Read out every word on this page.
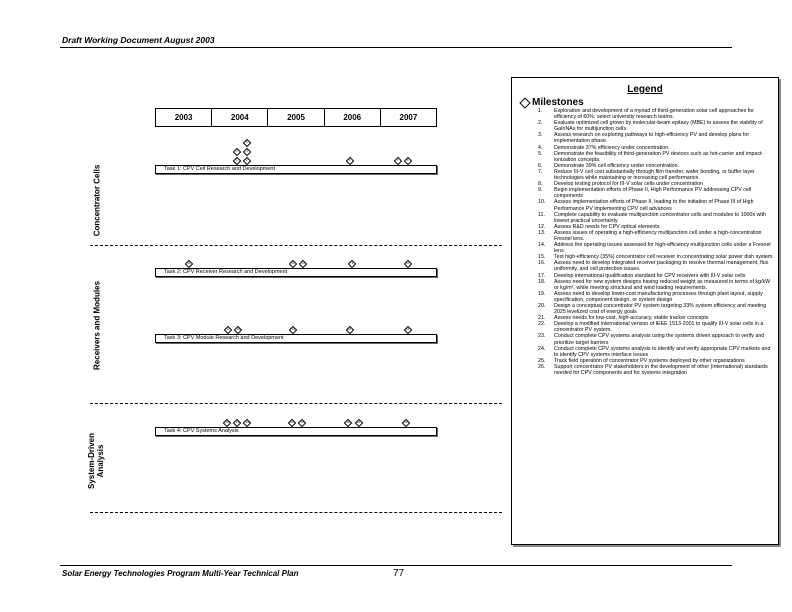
Draft Working Document August 2003
2003	2004	2005	2006	2007
Concentrator Cells
Receivers and Modules
System-Driven Analysis
Task 1: CPV Cell Research and Development
Task 2: CPV Receiver Research and Development
Task 3: CPV Module Research and Development
Task 4: CPV Systems Analysis
1	2
3	4
5
6	7	8
11	11	12	9	10
17	18	14	15	16
19	21	24	22	25	20	23	26
Legend
Milestones
1.	Exploration and development of a myriad of third-generation solar cell approaches for efficiency of 60%; select university research teams.
2.	Evaluate optimized cell grown by molecular-beam epitaxy (MBE) to assess the viability of GaInNAs for multijunction cells.
3.	Assess research on exploring pathways to high-efficiency PV and develop plans for implementation phase.
4.	Demonstrate 37% efficiency under concentration.
5.	Demonstrate the feasibility of third-generation PV devices such as hot-carrier and impact-ionization concepts.
6.	Demonstrate 39% cell efficiency under concentration.
7.	Reduce III-V cell cost substantially through film transfer, wafer bonding, or buffer layer technologies while maintaining or increasing cell performance.
8.	Develop testing protocol for III-V solar cells under concentration
9.	Begin implementation efforts of Phase II, High Performance PV addressing CPV cell components
10.	Assess implementation efforts of Phase II, leading to the initiation of Phase III of High Performance PV implementing CPV cell advances
11.	Complete capability to evaluate multijunction concentrator cells and modules to 1000x with lowest practical uncertainty
12.	Assess R&D needs for CPV optical elements
13.	Assess issues of operating a high-efficiency multijunction cell under a high-concentration Fresnel lens.
14.	Address the operating issues assessed for high-efficiency multijunction cells under a Fresnel lens
15.	Test high-efficiency (35%) concentrator cell receiver in concentrating solar power dish system.
16.	Assess need to develop integrated receiver packaging to resolve thermal management, flux uniformity, and cell protection issues.
17.	Develop international qualification standard for CPV receivers with III-V solar cells
18.	Assess need for new system designs having reduced weight as measured in terms of kg/kW or kg/m², while meeting structural and wind loading requirements.
19.	Assess need to develop lower-cost manufacturing processes through plant layout, supply specification, component design, or system design
20.	Design a conceptual concentrator PV system targeting 33% system efficiency and meeting 2025 levelized cost of energy goals
21.	Assess needs for low-cost, high-accuracy, stable tracker concepts
22.	Develop a modified international version of IEEE 1513-2001 to qualify III-V solar cells in a concentrator PV system.
23.	Conduct complete CPV systems analysis using the systems driven approach to verify and prioritize target barriers
24.	Conduct complete CPV systems analysis to identify and verify appropriate CPV markets and to identify CPV systems interface issues
25.	Track field operation of concentrator PV systems deployed by other organizations
26.	Support concentrator PV stakeholders in the development of other (international) standards needed for CPV components and for systems integration
Solar Energy Technologies Program Multi-Year Technical Plan	77
